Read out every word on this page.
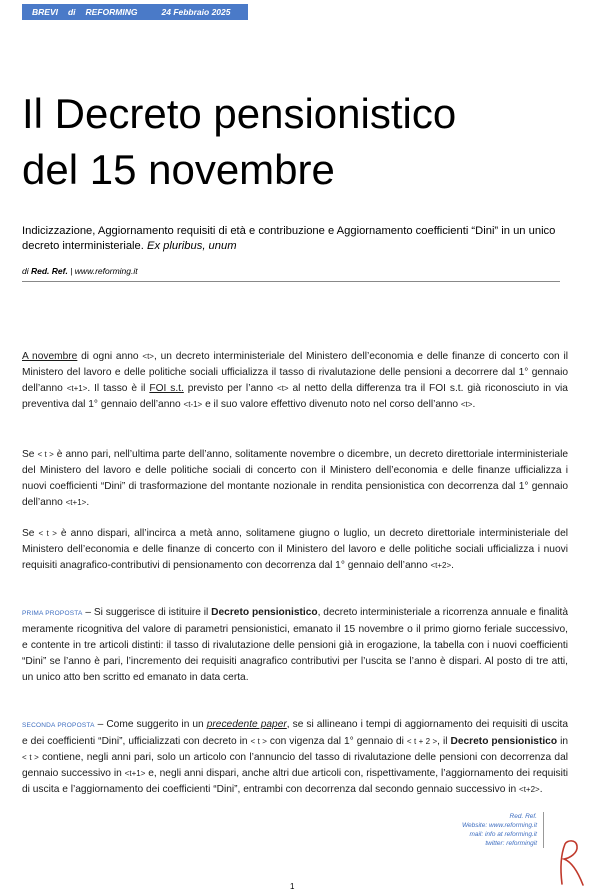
BREVI di REFORMING	24 Febbraio 2025
Il Decreto pensionistico
del 15 novembre
Indicizzazione, Aggiornamento requisiti di età e contribuzione e Aggiornamento coefficienti “Dini” in un unico decreto interministeriale. Ex pluribus, unum
di Red. Ref. | www.reforming.it

A novembre di ogni anno <t>, un decreto interministeriale del Ministero dell’economia e delle finanze di concerto con il Ministero del lavoro e delle politiche sociali ufficializza il tasso di rivalutazione delle pensioni a decorrere dal 1° gennaio dell’anno <t+1>. Il tasso è il FOI s.t. previsto per l’anno <t> al netto della differenza tra il FOI s.t. già riconosciuto in via preventiva dal 1° gennaio dell’anno <t-1> e il suo valore effettivo divenuto noto nel corso dell’anno <t>.

Se < t > è anno pari, nell’ultima parte dell’anno, solitamente novembre o dicembre, un decreto direttoriale interministeriale del Ministero del lavoro e delle politiche sociali di concerto con il Ministero dell’economia e delle finanze ufficializza i nuovi coefficienti “Dini” di trasformazione del montante nozionale in rendita pensionistica con decorrenza dal 1° gennaio dell’anno <t+1>.

Se < t > è anno dispari, all’incirca a metà anno, solitamene giugno o luglio, un decreto direttoriale interministeriale del Ministero dell’economia e delle finanze di concerto con il Ministero del lavoro e delle politiche sociali ufficializza i nuovi requisiti anagrafico-contributivi di pensionamento con decorrenza dal 1° gennaio dell’anno <t+2>.

PRIMA PROPOSTA – Si suggerisce di istituire il Decreto pensionistico, decreto interministeriale a ricorrenza annuale e finalità meramente ricognitiva del valore di parametri pensionistici, emanato il 15 novembre o il primo giorno feriale successivo, e contente in tre articoli distinti: il tasso di rivalutazione delle pensioni già in erogazione, la tabella con i nuovi coefficienti “Dini” se l’anno è pari, l’incremento dei requisiti anagrafico contributivi per l’uscita se l’anno è dispari. Al posto di tre atti, un unico atto ben scritto ed emanato in data certa.

SECONDA PROPOSTA – Come suggerito in un precedente paper, se si allineano i tempi di aggiornamento dei requisiti di uscita e dei coefficienti “Dini”, ufficializzati con decreto in < t > con vigenza dal 1° gennaio di < t + 2 >, il Decreto pensionistico in < t > contiene, negli anni pari, solo un articolo con l’annuncio del tasso di rivalutazione delle pensioni con decorrenza dal gennaio successivo in <t+1> e, negli anni dispari, anche altri due articoli con, rispettivamente, l’aggiornamento dei requisiti di uscita e l’aggiornamento dei coefficienti “Dini”, entrambi con decorrenza dal secondo gennaio successivo in <t+2>.

Red. Ref.
Website: www.reforming.it
mail: info at reforming.it
twitter: reformingit
1
